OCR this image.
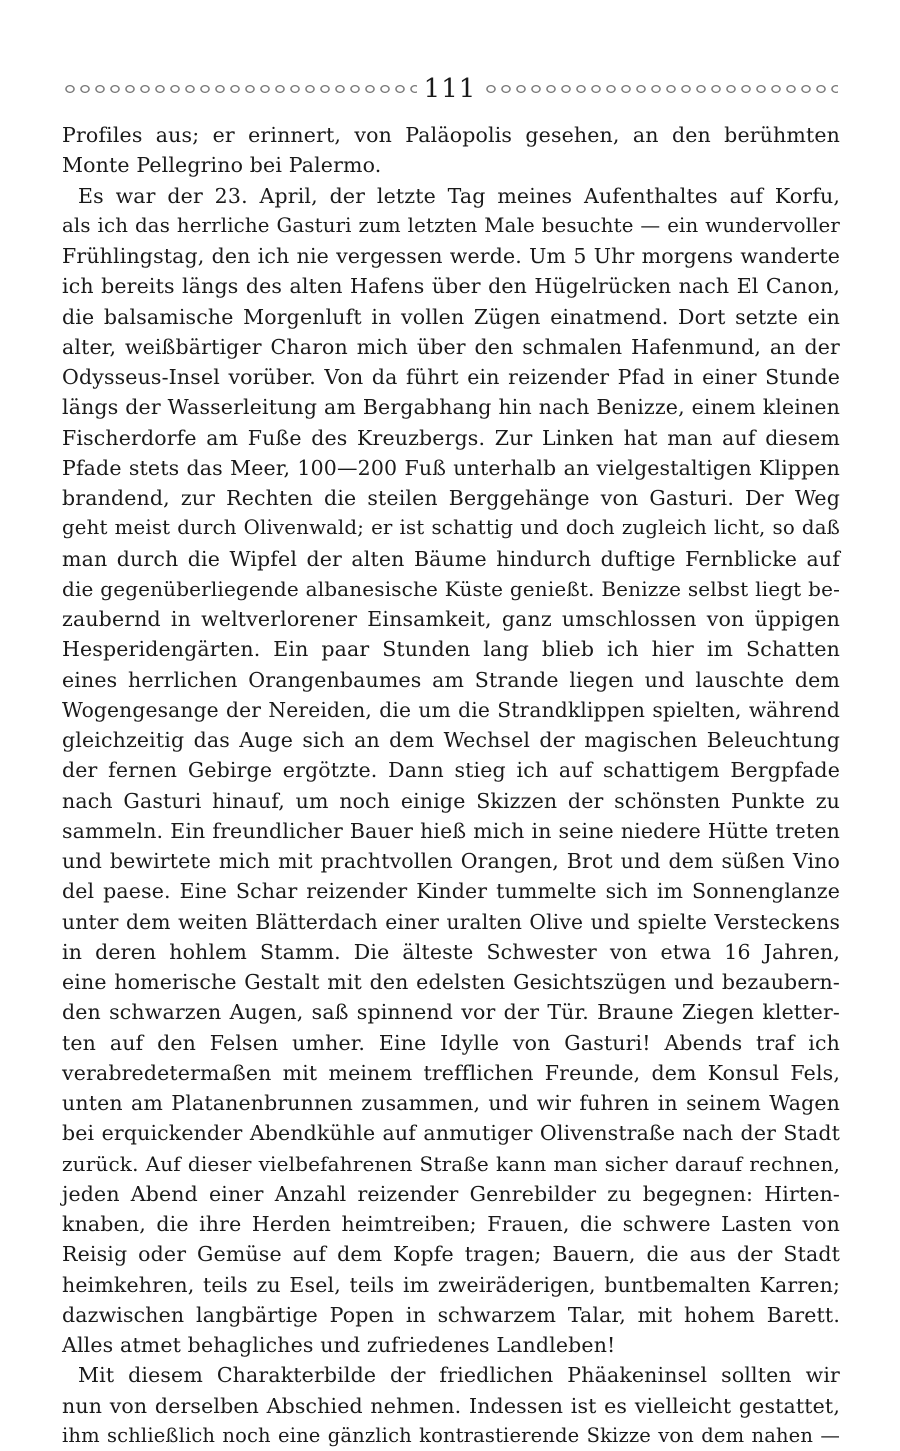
111
Profiles aus; er erinnert, von Paläopolis gesehen, an den berühmten
Monte Pellegrino bei Palermo.
Es war der 23. April, der letzte Tag meines Aufenthaltes auf Korfu,
als ich das herrliche Gasturi zum letzten Male besuchte — ein wundervoller
Frühlingstag, den ich nie vergessen werde. Um 5 Uhr morgens wanderte
ich bereits längs des alten Hafens über den Hügelrücken nach El Canon,
die balsamische Morgenluft in vollen Zügen einatmend. Dort setzte ein
alter, weißbärtiger Charon mich über den schmalen Hafenmund, an der
Odysseus-Insel vorüber. Von da führt ein reizender Pfad in einer Stunde
längs der Wasserleitung am Bergabhang hin nach Benizze, einem kleinen
Fischerdorfe am Fuße des Kreuzbergs. Zur Linken hat man auf diesem
Pfade stets das Meer, 100—200 Fuß unterhalb an vielgestaltigen Klippen
brandend, zur Rechten die steilen Berggehänge von Gasturi. Der Weg
geht meist durch Olivenwald; er ist schattig und doch zugleich licht, so daß
man durch die Wipfel der alten Bäume hindurch duftige Fernblicke auf
die gegenüberliegende albanesische Küste genießt. Benizze selbst liegt be-
zaubernd in weltverlorener Einsamkeit, ganz umschlossen von üppigen
Hesperidengärten. Ein paar Stunden lang blieb ich hier im Schatten
eines herrlichen Orangenbaumes am Strande liegen und lauschte dem
Wogengesange der Nereiden, die um die Strandklippen spielten, während
gleichzeitig das Auge sich an dem Wechsel der magischen Beleuchtung
der fernen Gebirge ergötzte. Dann stieg ich auf schattigem Bergpfade
nach Gasturi hinauf, um noch einige Skizzen der schönsten Punkte zu
sammeln. Ein freundlicher Bauer hieß mich in seine niedere Hütte treten
und bewirtete mich mit prachtvollen Orangen, Brot und dem süßen Vino
del paese. Eine Schar reizender Kinder tummelte sich im Sonnenglanze
unter dem weiten Blätterdach einer uralten Olive und spielte Versteckens
in deren hohlem Stamm. Die älteste Schwester von etwa 16 Jahren,
eine homerische Gestalt mit den edelsten Gesichtszügen und bezaubern-
den schwarzen Augen, saß spinnend vor der Tür. Braune Ziegen kletter-
ten auf den Felsen umher. Eine Idylle von Gasturi! Abends traf ich
verabredetermaßen mit meinem trefflichen Freunde, dem Konsul Fels,
unten am Platanenbrunnen zusammen, und wir fuhren in seinem Wagen
bei erquickender Abendkühle auf anmutiger Olivenstraße nach der Stadt
zurück. Auf dieser vielbefahrenen Straße kann man sicher darauf rechnen,
jeden Abend einer Anzahl reizender Genrebilder zu begegnen: Hirten-
knaben, die ihre Herden heimtreiben; Frauen, die schwere Lasten von
Reisig oder Gemüse auf dem Kopfe tragen; Bauern, die aus der Stadt
heimkehren, teils zu Esel, teils im zweiräderigen, buntbemalten Karren;
dazwischen langbärtige Popen in schwarzem Talar, mit hohem Barett.
Alles atmet behagliches und zufriedenes Landleben!
Mit diesem Charakterbilde der friedlichen Phäakeninsel sollten wir
nun von derselben Abschied nehmen. Indessen ist es vielleicht gestattet,
ihm schließlich noch eine gänzlich kontrastierende Skizze von dem nahen —
